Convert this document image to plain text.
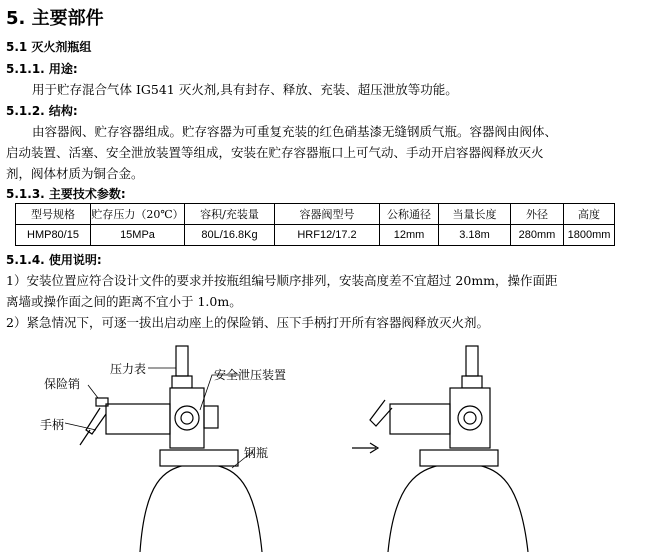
5. 主要部件
5.1 灭火剂瓶组
5.1.1. 用途:
用于贮存混合气体 IG541 灭火剂,具有封存、释放、充装、超压泄放等功能。
5.1.2. 结构:
由容器阀、贮存容器组成。贮存容器为可重复充装的红色硝基漆无缝钢质气瓶。容器阀由阀体、
启动装置、活塞、安全泄放装置等组成，安装在贮存容器瓶口上可气动、手动开启容器阀释放灭火
剂，阀体材质为铜合金。
5.1.3. 主要技术参数:
型号规格	贮存压力（20℃）	容积/充装量	容器阀型号	公称通径	当量长度	外径	高度
HMP80/15	15MPa	80L/16.8Kg	HRF12/17.2	12mm	3.18m	280mm	1800mm
5.1.4. 使用说明:
1）安装位置应符合设计文件的要求并按瓶组编号顺序排列，安装高度差不宜超过 20mm，操作面距
离墙或操作面之间的距离不宜小于 1.0m。
2）紧急情况下，可逐一拔出启动座上的保险销、压下手柄打开所有容器阀释放灭火剂。
压力表
保险销
安全泄压装置
手柄
钢瓶
